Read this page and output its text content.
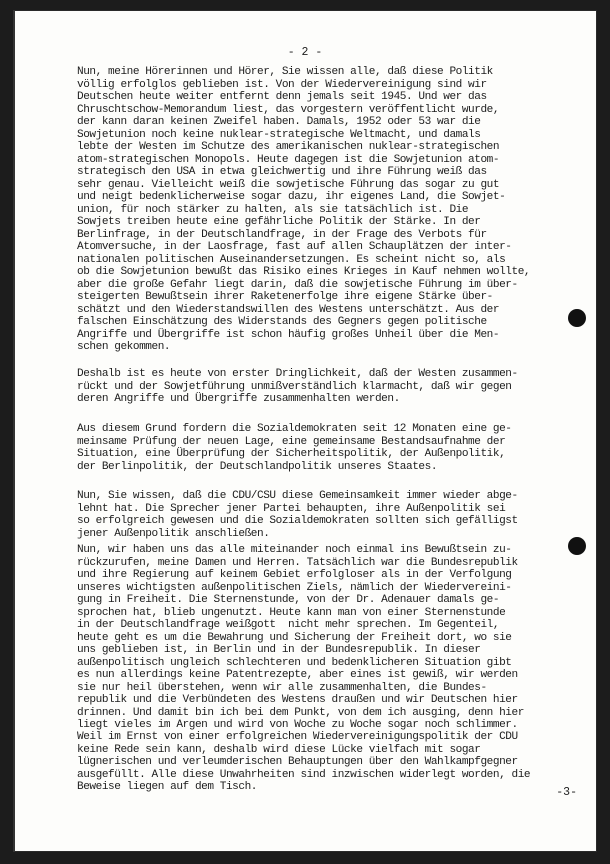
- 2 -
Nun, meine Hörerinnen und Hörer, Sie wissen alle, daß diese Politik
völlig erfolglos geblieben ist. Von der Wiedervereinigung sind wir
Deutschen heute weiter entfernt denn jemals seit 1945. Und wer das
Chruschtschow-Memorandum liest, das vorgestern veröffentlicht wurde,
der kann daran keinen Zweifel haben. Damals, 1952 oder 53 war die
Sowjetunion noch keine nuklear-strategische Weltmacht, und damals
lebte der Westen im Schutze des amerikanischen nuklear-strategischen
atom-strategischen Monopols. Heute dagegen ist die Sowjetunion atom-
strategisch den USA in etwa gleichwertig und ihre Führung weiß das
sehr genau. Vielleicht weiß die sowjetische Führung das sogar zu gut
und neigt bedenklicherweise sogar dazu, ihr eigenes Land, die Sowjet-
union, für noch stärker zu halten, als sie tatsächlich ist. Die
Sowjets treiben heute eine gefährliche Politik der Stärke. In der
Berlinfrage, in der Deutschlandfrage, in der Frage des Verbots für
Atomversuche, in der Laosfrage, fast auf allen Schauplätzen der inter-
nationalen politischen Auseinandersetzungen. Es scheint nicht so, als
ob die Sowjetunion bewußt das Risiko eines Krieges in Kauf nehmen wollte,
aber die große Gefahr liegt darin, daß die sowjetische Führung im über-
steigerten Bewußtsein ihrer Raketenerfolge ihre eigene Stärke über-
schätzt und den Wiederstandswillen des Westens unterschätzt. Aus der
falschen Einschätzung des Widerstands des Gegners gegen politische
Angriffe und Übergriffe ist schon häufig großes Unheil über die Men-
schen gekommen.
Deshalb ist es heute von erster Dringlichkeit, daß der Westen zusammen-
rückt und der Sowjetführung unmißverständlich klarmacht, daß wir gegen
deren Angriffe und Übergriffe zusammenhalten werden.
Aus diesem Grund fordern die Sozialdemokraten seit 12 Monaten eine ge-
meinsame Prüfung der neuen Lage, eine gemeinsame Bestandsaufnahme der
Situation, eine Überprüfung der Sicherheitspolitik, der Außenpolitik,
der Berlinpolitik, der Deutschlandpolitik unseres Staates.
Nun, Sie wissen, daß die CDU/CSU diese Gemeinsamkeit immer wieder abge-
lehnt hat. Die Sprecher jener Partei behaupten, ihre Außenpolitik sei
so erfolgreich gewesen und die Sozialdemokraten sollten sich gefälligst
jener Außenpolitik anschließen.
Nun, wir haben uns das alle miteinander noch einmal ins Bewußtsein zu-
rückzurufen, meine Damen und Herren. Tatsächlich war die Bundesrepublik
und ihre Regierung auf keinem Gebiet erfolgloser als in der Verfolgung
unseres wichtigsten außenpolitischen Ziels, nämlich der Wiedervereini-
gung in Freiheit. Die Sternenstunde, von der Dr. Adenauer damals ge-
sprochen hat, blieb ungenutzt. Heute kann man von einer Sternenstunde
in der Deutschlandfrage weißgott  nicht mehr sprechen. Im Gegenteil,
heute geht es um die Bewahrung und Sicherung der Freiheit dort, wo sie
uns geblieben ist, in Berlin und in der Bundesrepublik. In dieser
außenpolitisch ungleich schlechteren und bedenklicheren Situation gibt
es nun allerdings keine Patentrezepte, aber eines ist gewiß, wir werden
sie nur heil überstehen, wenn wir alle zusammenhalten, die Bundes-
republik und die Verbündeten des Westens draußen und wir Deutschen hier
drinnen. Und damit bin ich bei dem Punkt, von dem ich ausging, denn hier
liegt vieles im Argen und wird von Woche zu Woche sogar noch schlimmer.
Weil im Ernst von einer erfolgreichen Wiedervereinigungspolitik der CDU
keine Rede sein kann, deshalb wird diese Lücke vielfach mit sogar
lügnerischen und verleumderischen Behauptungen über den Wahlkampfgegner
ausgefüllt. Alle diese Unwahrheiten sind inzwischen widerlegt worden, die
Beweise liegen auf dem Tisch.	-3-
